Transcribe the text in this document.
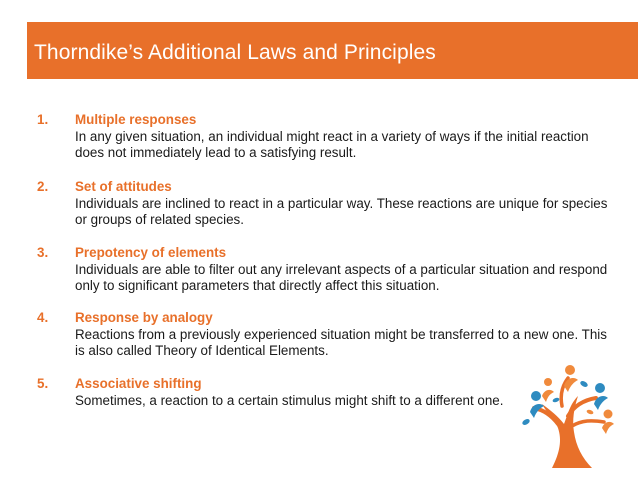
Thorndike’s Additional Laws and Principles
1. Multiple responses
In any given situation, an individual might react in a variety of ways if the initial reaction does not immediately lead to a satisfying result.
2. Set of attitudes
Individuals are inclined to react in a particular way. These reactions are unique for species or groups of related species.
3. Prepotency of elements
Individuals are able to filter out any irrelevant aspects of a particular situation and respond only to significant parameters that directly affect this situation.
4. Response by analogy
Reactions from a previously experienced situation might be transferred to a new one. This is also called Theory of Identical Elements.
5. Associative shifting
Sometimes, a reaction to a certain stimulus might shift to a different one.
